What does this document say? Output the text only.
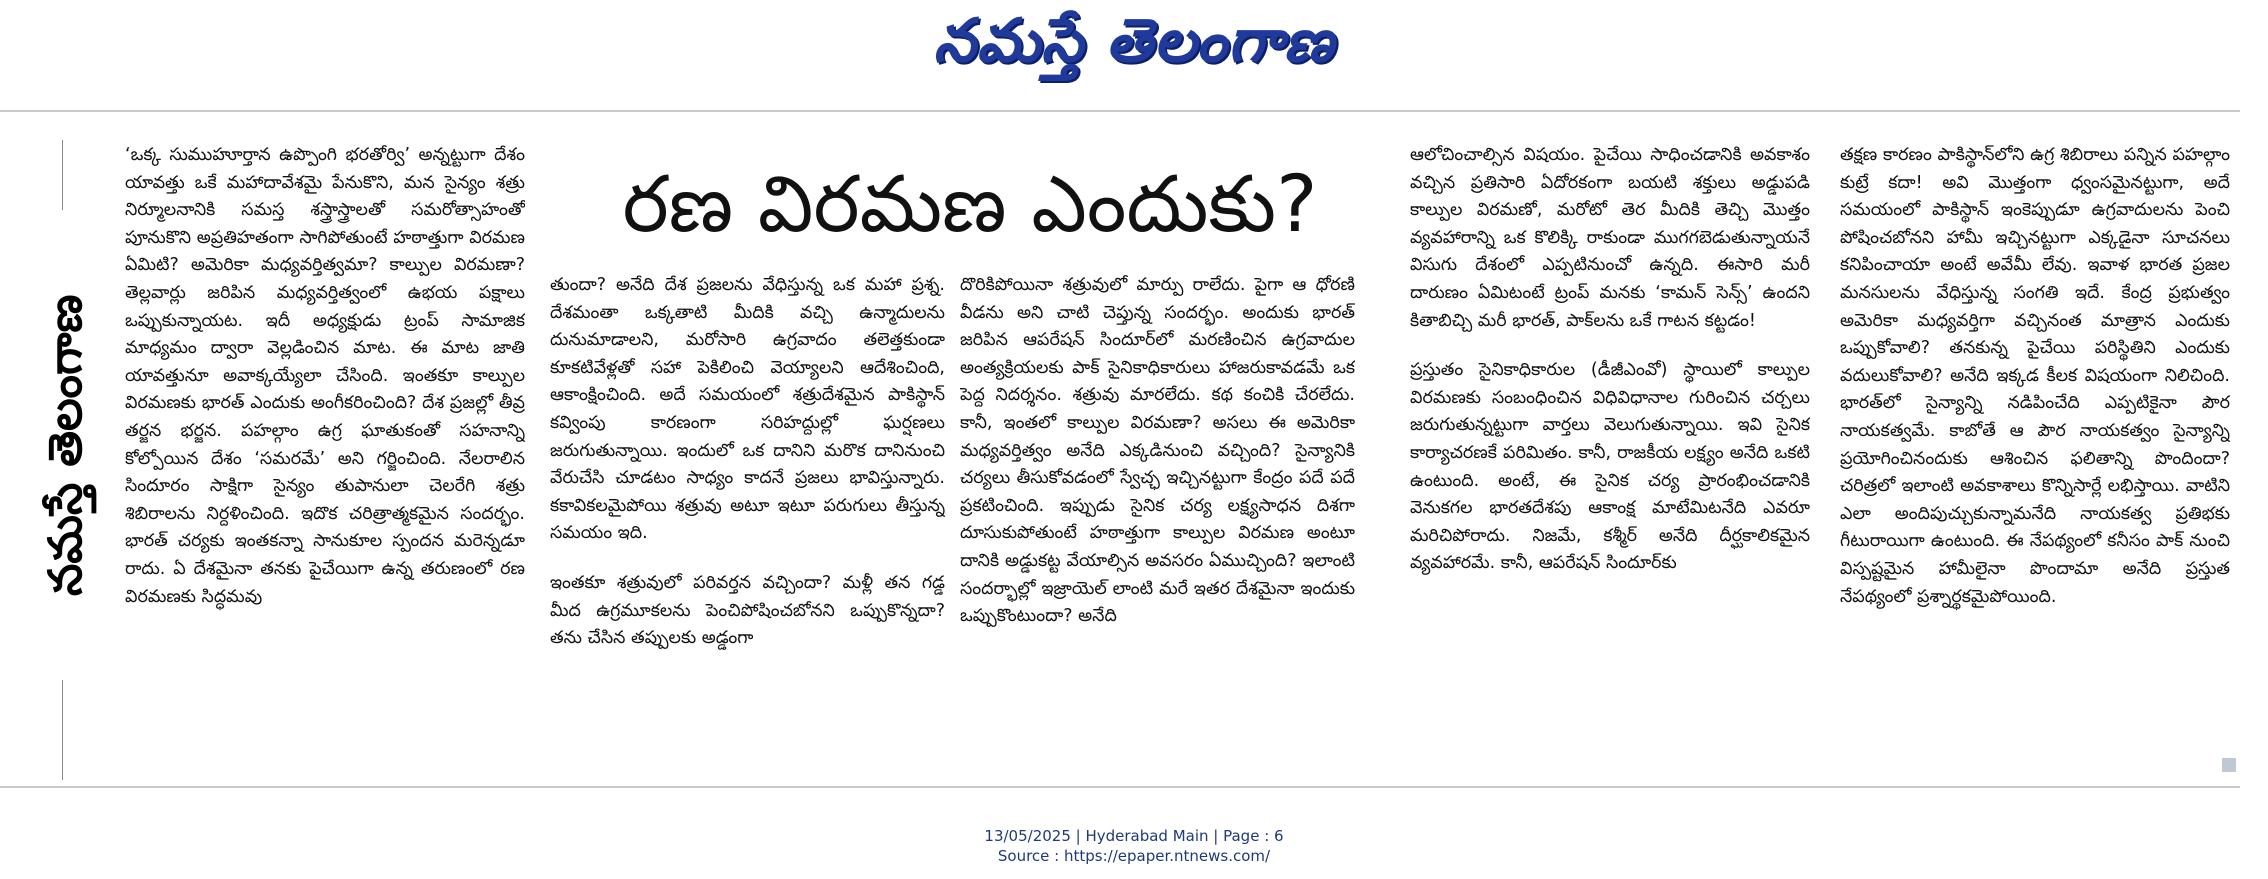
నమస్తే తెలంగాణ
నమస్తే తెలంగాణ
రణ విరమణ ఎందుకు?

‘ఒక్క సుముహూర్తాన ఉప్పొంగి భరతోర్వి’ అన్నట్టుగా దేశం యావత్తు ఒకే మహాదావేశమై పేనుకొని, మన సైన్యం శత్రు నిర్మూలనానికి సమస్త శస్త్రాస్త్రాలతో సమరోత్సాహంతో పూనుకొని అప్రతిహతంగా సాగిపోతుంటే హఠాత్తుగా విరమణ ఏమిటి? అమెరికా మధ్యవర్తిత్వమా? కాల్పుల విరమణా? తెల్లవార్లు జరిపిన మధ్యవర్తిత్వంలో ఉభయ పక్షాలు ఒప్పుకున్నాయట. ఇదీ అధ్యక్షుడు ట్రంప్‌ సామాజిక మాధ్యమం ద్వారా వెల్లడించిన మాట. ఈ మాట జాతి యావత్తునూ అవాక్కయ్యేలా చేసింది. ఇంతకూ కాల్పుల విరమణకు భారత్‌ ఎందుకు అంగీకరించింది? దేశ ప్రజల్లో తీవ్ర తర్జన భర్జన. పహల్గాం ఉగ్ర ఘాతుకంతో సహనాన్ని కోల్పోయిన దేశం ‘సమరమే’ అని గర్జించింది. నేలరాలిన సిందూరం సాక్షిగా సైన్యం తుపానులా చెలరేగి శత్రు శిబిరాలను నిర్దళించింది. ఇదొక చరిత్రాత్మకమైన సందర్భం. భారత్‌ చర్యకు ఇంతకన్నా సానుకూల స్పందన మరెన్నడూ రాదు. ఏ దేశమైనా తనకు పైచేయిగా ఉన్న తరుణంలో రణ విరమణకు సిద్ధమవు

తుందా? అనేది దేశ ప్రజలను వేధిస్తున్న ఒక మహా ప్రశ్న. దేశమంతా ఒక్కతాటి మీదికి వచ్చి ఉన్మాదులను దునుమాడాలని, మరోసారి ఉగ్రవాదం తలెత్తకుండా కూకటివేళ్లతో సహా పెకిలించి వెయ్యాలని ఆదేశించింది, ఆకాంక్షించింది. అదే సమయంలో శత్రుదేశమైన పాకిస్థాన్‌ కవ్వింపు కారణంగా సరిహద్దుల్లో ఘర్షణలు జరుగుతున్నాయి. ఇందులో ఒక దానిని మరొక దానినుంచి వేరుచేసి చూడటం సాధ్యం కాదనే ప్రజలు భావిస్తున్నారు. కకావికలమైపోయి శత్రువు అటూ ఇటూ పరుగులు తీస్తున్న సమయం ఇది.

ఇంతకూ శత్రువులో పరివర్తన వచ్చిందా? మళ్లీ తన గడ్డ మీద ఉగ్రమూకలను పెంచిపోషించబోనని ఒప్పుకొన్నదా? తను చేసిన తప్పులకు అడ్డంగా

దొరికిపోయినా శత్రువులో మార్పు రాలేదు. పైగా ఆ ధోరణి వీడను అని చాటి చెప్తున్న సందర్భం. అందుకు భారత్‌ జరిపిన ఆపరేషన్‌ సిందూర్‌లో మరణించిన ఉగ్రవాదుల అంత్యక్రియలకు పాక్‌ సైనికాధికారులు హాజరుకావడమే ఒక పెద్ద నిదర్శనం. శత్రువు మారలేదు. కథ కంచికి చేరలేదు. కానీ, ఇంతలో కాల్పుల విరమణా? అసలు ఈ అమెరికా మధ్యవర్తిత్వం అనేది ఎక్కడినుంచి వచ్చింది? సైన్యానికి చర్యలు తీసుకోవడంలో స్వేచ్ఛ ఇచ్చినట్టుగా కేంద్రం పదే పదే ప్రకటించింది. ఇప్పుడు సైనిక చర్య లక్ష్యసాధన దిశగా దూసుకుపోతుంటే హఠాత్తుగా కాల్పుల విరమణ అంటూ దానికి అడ్డుకట్ట వేయాల్సిన అవసరం ఏముచ్చింది? ఇలాంటి సందర్భాల్లో ఇజ్రాయెల్‌ లాంటి మరే ఇతర దేశమైనా ఇందుకు ఒప్పుకొంటుందా? అనేది

ఆలోచించాల్సిన విషయం. పైచేయి సాధించడానికి అవకాశం వచ్చిన ప్రతిసారి ఏదోరకంగా బయటి శక్తులు అడ్డుపడి కాల్పుల విరమణో, మరోటో తెర మీదికి తెచ్చి మొత్తం వ్యవహారాన్ని ఒక కొలిక్కి రాకుండా ముగగబెడుతున్నాయనే విసుగు దేశంలో ఎప్పటినుంచో ఉన్నది. ఈసారి మరీ దారుణం ఏమిటంటే ట్రంప్‌ మనకు ‘కామన్‌ సెన్స్‌’ ఉందని కితాబిచ్చి మరీ భారత్‌, పాక్‌లను ఒకే గాటన కట్టడం!

ప్రస్తుతం సైనికాధికారుల (డీజీఎంవో) స్థాయిలో కాల్పుల విరమణకు సంబంధించిన విధివిధానాల గురించిన చర్చలు జరుగుతున్నట్టుగా వార్తలు వెలుగుతున్నాయి. ఇవి సైనిక కార్యాచరణకే పరిమితం. కానీ, రాజకీయ లక్ష్యం అనేది ఒకటి ఉంటుంది. అంటే, ఈ సైనిక చర్య ప్రారంభించడానికి వెనుకగల భారతదేశపు ఆకాంక్ష మాటేమిటనేది ఎవరూ మరిచిపోరాదు. నిజమే, కశ్మీర్‌ అనేది దీర్ఘకాలికమైన వ్యవహారమే. కానీ, ఆపరేషన్‌ సిందూర్‌కు

తక్షణ కారణం పాకిస్థాన్‌లోని ఉగ్ర శిబిరాలు పన్నిన పహల్గాం కుట్రే కదా! అవి మొత్తంగా ధ్వంసమైనట్టుగా, అదే సమయంలో పాకిస్థాన్‌ ఇంకెప్పుడూ ఉగ్రవాదులను పెంచి పోషించబోనని హామీ ఇచ్చినట్టుగా ఎక్కడైనా సూచనలు కనిపించాయా అంటే అవేమీ లేవు. ఇవాళ భారత ప్రజల మనసులను వేధిస్తున్న సంగతి ఇదే. కేంద్ర ప్రభుత్వం అమెరికా మధ్యవర్తిగా వచ్చినంత మాత్రాన ఎందుకు ఒప్పుకోవాలి? తనకున్న పైచేయి పరిస్థితిని ఎందుకు వదులుకోవాలి? అనేది ఇక్కడ కీలక విషయంగా నిలిచింది. భారత్‌లో సైన్యాన్ని నడిపించేది ఎప్పటికైనా పౌర నాయకత్వమే. కాబోతే ఆ పౌర నాయకత్వం సైన్యాన్ని ప్రయోగించినందుకు ఆశించిన ఫలితాన్ని పొందిందా? చరిత్రలో ఇలాంటి అవకాశాలు కొన్నిసార్లే లభిస్తాయి. వాటిని ఎలా అందిపుచ్చుకున్నామనేది నాయకత్వ ప్రతిభకు గీటురాయిగా ఉంటుంది. ఈ నేపథ్యంలో కనీసం పాక్‌ నుంచి విస్పష్టమైన హామీలైనా పొందామా అనేది ప్రస్తుత నేపథ్యంలో ప్రశ్నార్థకమైపోయింది.

13/05/2025 | Hyderabad Main | Page : 6
Source : https://epaper.ntnews.com/
